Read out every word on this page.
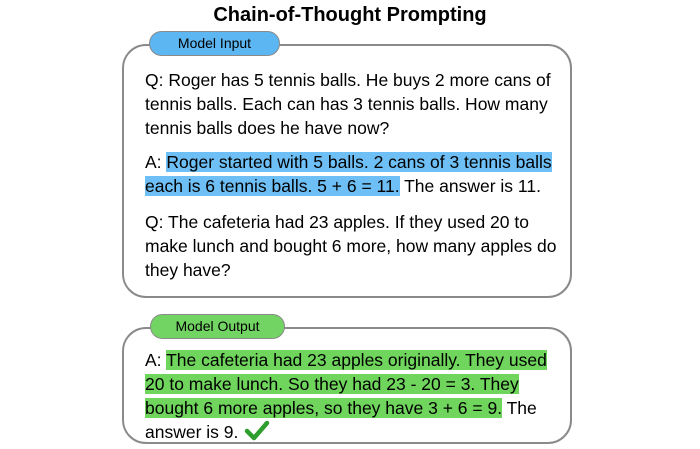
Chain-of-Thought Prompting
Model Input
Q: Roger has 5 tennis balls. He buys 2 more cans of tennis balls. Each can has 3 tennis balls. How many tennis balls does he have now?
A: Roger started with 5 balls. 2 cans of 3 tennis balls each is 6 tennis balls. 5 + 6 = 11. The answer is 11.
Q: The cafeteria had 23 apples. If they used 20 to make lunch and bought 6 more, how many apples do they have?
Model Output
A: The cafeteria had 23 apples originally. They used 20 to make lunch. So they had 23 - 20 = 3. They bought 6 more apples, so they have 3 + 6 = 9. The answer is 9.
